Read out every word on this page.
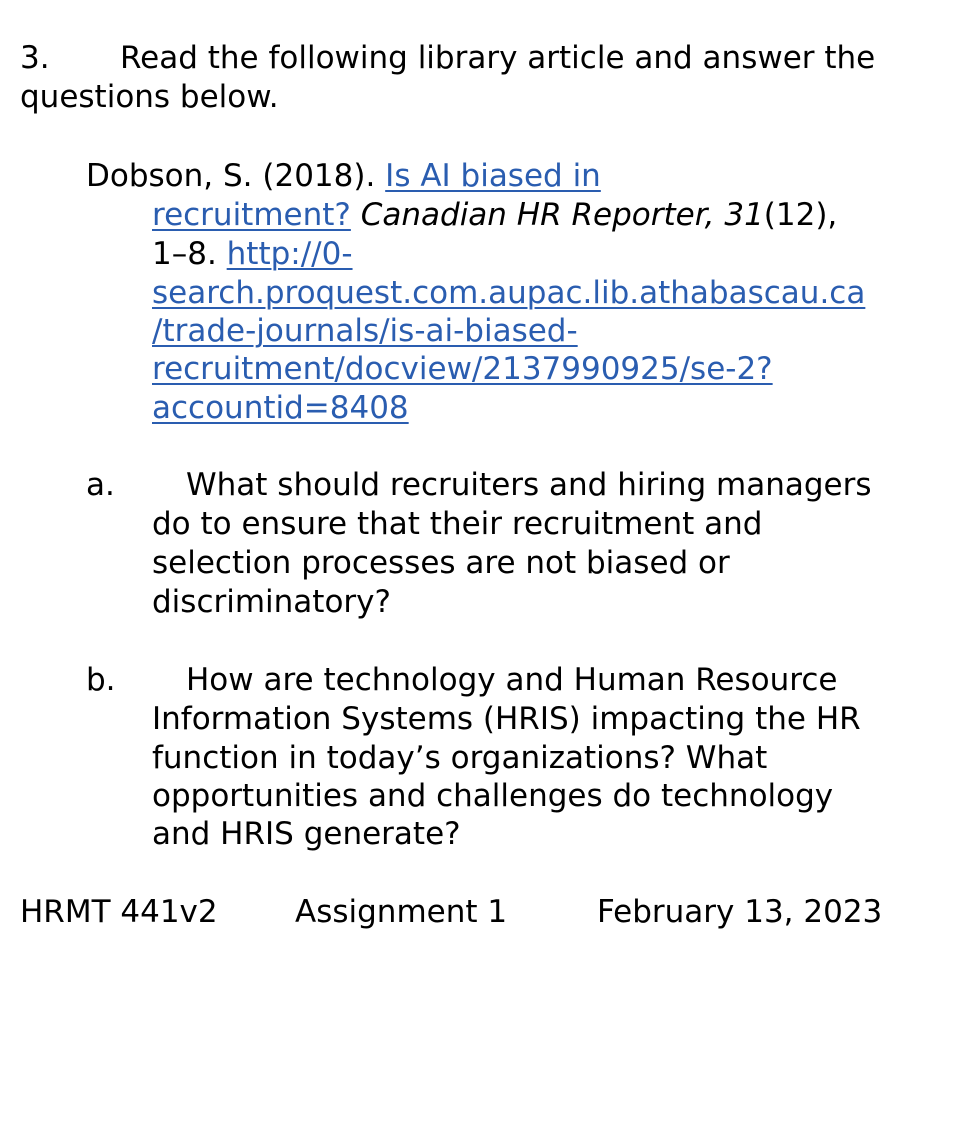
3. Read the following library article and answer the

questions below.

Dobson, S. (2018). Is AI biased in

recruitment? Canadian HR Reporter, 31(12),

1–8. http://0-

search.proquest.com.aupac.lib.athabascau.ca

/trade-journals/is-ai-biased-

recruitment/docview/2137990925/se-2?

accountid=8408

a. What should recruiters and hiring managers

do to ensure that their recruitment and

selection processes are not biased or

discriminatory?

b. How are technology and Human Resource

Information Systems (HRIS) impacting the HR

function in today’s organizations? What

opportunities and challenges do technology

and HRIS generate?

HRMT 441v2 Assignment 1	February 13, 2023
